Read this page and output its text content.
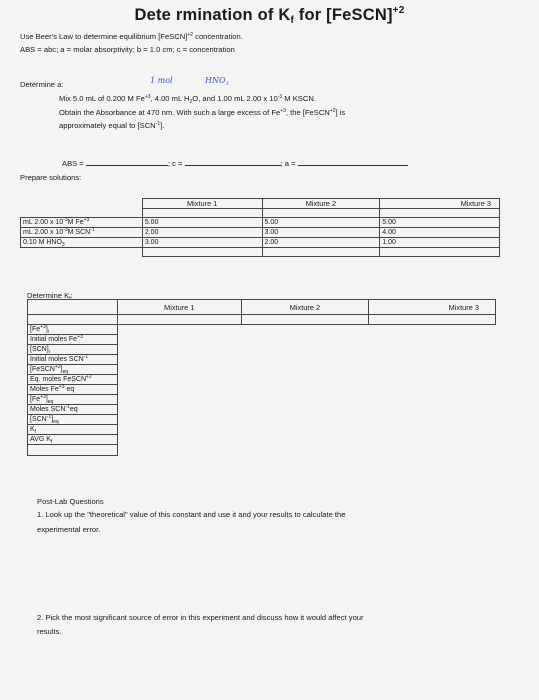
Dete rmination of $K_f$ for [FeSCN]$^{+2}$
Use Beer's Law to determine equilibrium [FeSCN]$^{+2}$ concentration.
ABS = abc; a = molar absorptivity; b = 1.0 cm; c = concentration
Determine a:	1 mol	$HNO_3$
Mix 5.0 mL of 0.200 M $Fe^{+3}$, 4.00 mL $H_2O$, and 1.00 mL 2.00 x $10^{-3}$ M KSCN.
Obtain the Absorbance at 470 nm. With such a large excess of $Fe^{+3}$, the [FeSCN$^{+2}$] is
approximately equal to $[SCN^{-1}]$.
ABS =	; c =	; a =
Prepare solutions:
	Mixture 1	Mixture 2	Mixture 3

mL 2.00 x $10^{-3}M$ $Fe^{+3}$	5.00	5.00	5.00
mL 2.00 x $10^{-3}M$ $SCN^{-1}$	2.00	3.00	4.00
0.10 M $HNO_3$	3.00	2.00	1.00

Determine $K_f$:
	Mixture 1	Mixture 2	Mixture 3

$[Fe^{+3}]_i$
Initial moles $Fe^{+3}$
$[SCN]_i$
Initial moles $SCN^{-1}$
$[FeSCN^{+2}]_{eq}$
Eq. moles FeSCN$^{+2}$
Moles $Fe^{+3}$ eq			
$[Fe^{+3}]_{eq}$
Moles $SCN^{-1}eq$			
$[SCN^{-1}]_{eq}$
$K_f$
AVG $K_f$

Post-Lab Questions
1. Look up the "theoretical" value of this constant and use it and your results to calculate the
experimental error.
2. Pick the most significant source of error in this experiment and discuss how it would affect your
results.
